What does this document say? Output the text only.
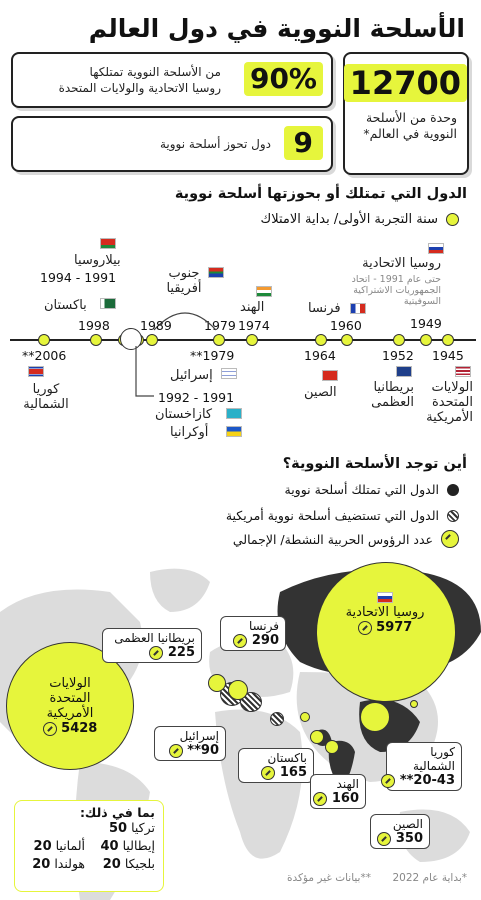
الأسلحة النووية في دول العالم
12700
وحدة من الأسلحة
النووية في العالم*
90%
من الأسلحة النووية تمتلكها
روسيا الاتحادية والولايات المتحدة
9
دول تحوز أسلحة نووية
الدول التي تمتلك أو بحوزتها أسلحة نووية
سنة التجربة الأولى/ بداية الامتلاك
روسيا الاتحادية
حتى عام 1991 - اتحاد الجمهوريات الاشتراكية السوفيتية
1949
فرنسا
1960
الهند
1974
جنوب أفريقيا
1979
بيلاروسيا
1991 - 1994
باكستان
1998 1989
1945
الولايات المتحدة الأمريكية
1952
بريطانيا العظمى
1964
الصين
1979**
إسرائيل
1991 - 1992
كازاخستان
أوكرانيا
2006**
كوريا الشمالية
أين توجد الأسلحة النووية؟
الدول التي تمتلك أسلحة نووية
الدول التي تستضيف أسلحة نووية أمريكية
عدد الرؤوس الحربية النشطة/ الإجمالي
روسيا الاتحادية
5977
الولايات المتحدة الأمريكية
5428
فرنسا
290
بريطانيا العظمى
225
إسرائيل
90**	باكستان
165
الهند
160
الصين
350
كوريا الشمالية
20-43**
بما في ذلك:
تركيا 50
إيطاليا 40
ألمانيا 20
بلجيكا 20
هولندا 20
*بداية عام 2022
**بيانات غير مؤكدة
